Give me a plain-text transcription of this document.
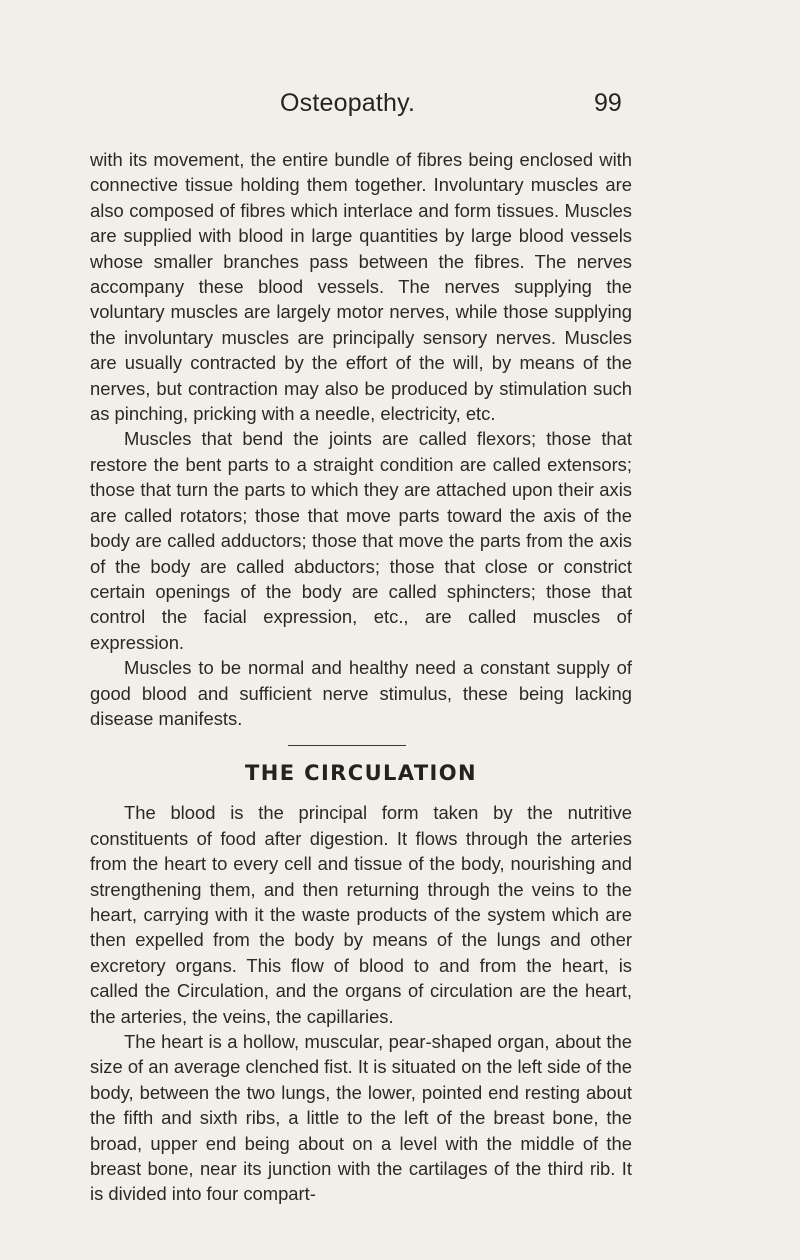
Osteopathy.	99

with its movement, the entire bundle of fibres being enclosed with connective tissue holding them together. Involuntary muscles are also composed of fibres which interlace and form tissues. Muscles are supplied with blood in large quantities by large blood vessels whose smaller branches pass between the fibres. The nerves accompany these blood vessels. The nerves supplying the voluntary muscles are largely motor nerves, while those supplying the involuntary muscles are principally sensory nerves. Muscles are usually contracted by the effort of the will, by means of the nerves, but contraction may also be produced by stimulation such as pinching, pricking with a needle, electricity, etc.

Muscles that bend the joints are called flexors; those that restore the bent parts to a straight condition are called extensors; those that turn the parts to which they are attached upon their axis are called rotators; those that move parts toward the axis of the body are called adductors; those that move the parts from the axis of the body are called abductors; those that close or constrict certain openings of the body are called sphincters; those that control the facial expression, etc., are called muscles of expression.

Muscles to be normal and healthy need a constant supply of good blood and sufficient nerve stimulus, these being lacking disease manifests.

THE CIRCULATION

The blood is the principal form taken by the nutritive constituents of food after digestion. It flows through the arteries from the heart to every cell and tissue of the body, nourishing and strengthening them, and then returning through the veins to the heart, carrying with it the waste products of the system which are then expelled from the body by means of the lungs and other excretory organs. This flow of blood to and from the heart, is called the Circulation, and the organs of circulation are the heart, the arteries, the veins, the capillaries.

The heart is a hollow, muscular, pear-shaped organ, about the size of an average clenched fist. It is situated on the left side of the body, between the two lungs, the lower, pointed end resting about the fifth and sixth ribs, a little to the left of the breast bone, the broad, upper end being about on a level with the middle of the breast bone, near its junction with the cartilages of the third rib. It is divided into four compart-
